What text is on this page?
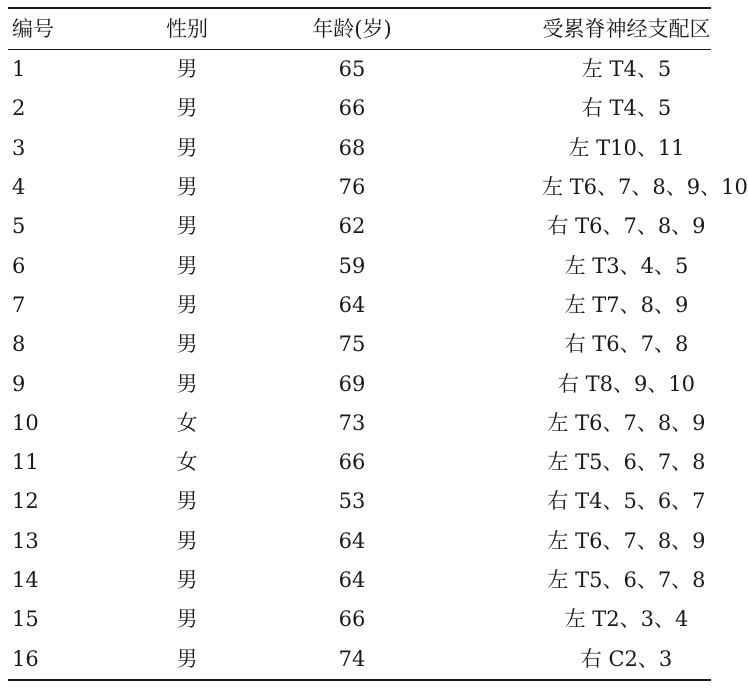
编号	性别	年龄(岁)	受累脊神经支配区
1	男	65	左 T4、5
2	男	66	右 T4、5
3	男	68	左 T10、11
4	男	76	左 T6、7、8、9、10
5	男	62	右 T6、7、8、9
6	男	59	左 T3、4、5
7	男	64	左 T7、8、9
8	男	75	右 T6、7、8
9	男	69	右 T8、9、10
10	女	73	左 T6、7、8、9
11	女	66	左 T5、6、7、8
12	男	53	右 T4、5、6、7
13	男	64	左 T6、7、8、9
14	男	64	左 T5、6、7、8
15	男	66	左 T2、3、4
16	男	74	右 C2、3
